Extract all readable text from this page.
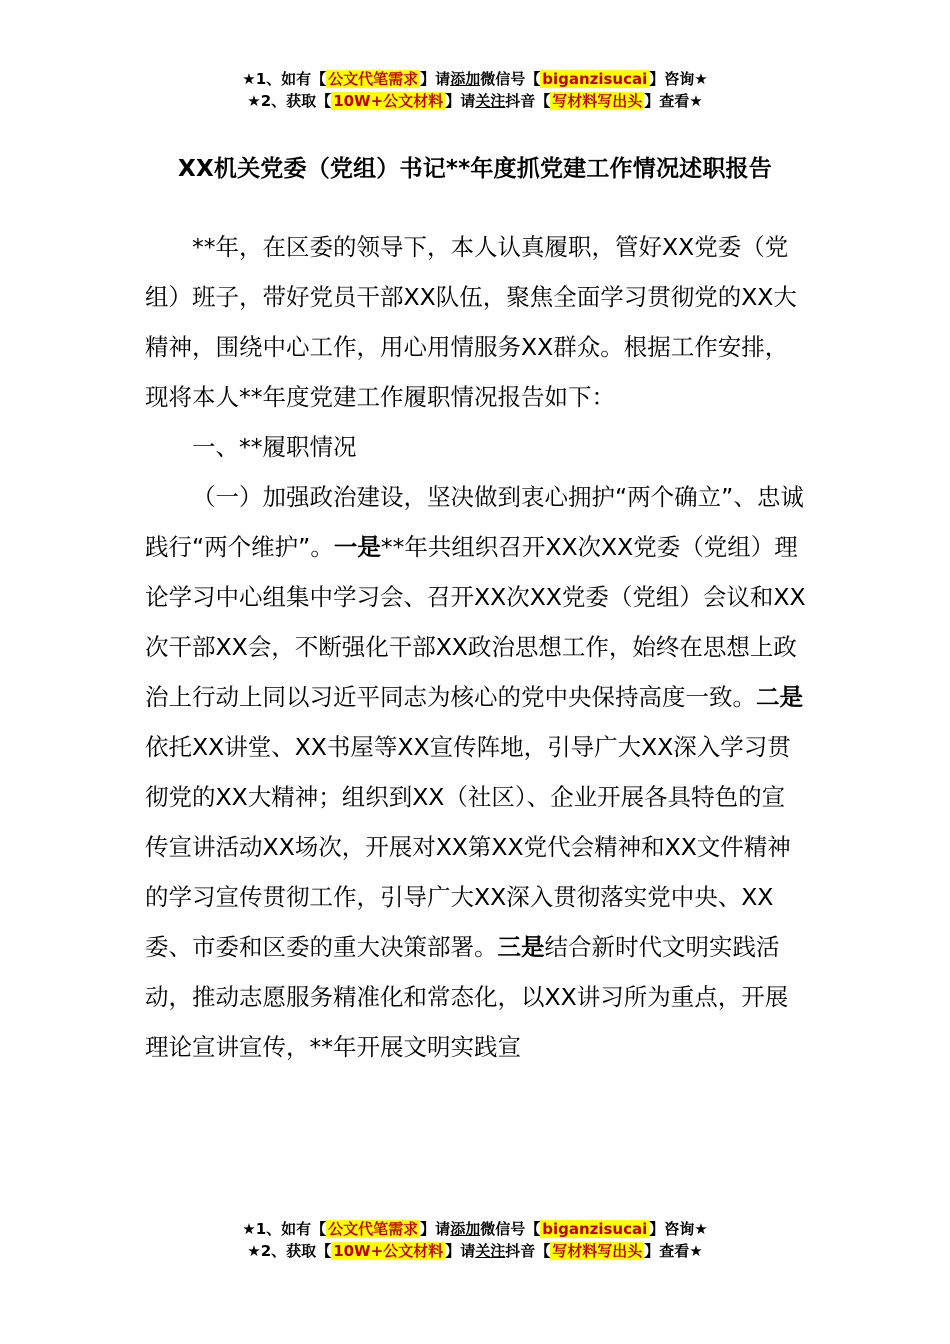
★1、如有【 公文代笔需求 】请添加微信号【 biganzisucai 】咨询★
★2、获取【 10W+公文材料 】请关注抖音【 写材料写出头 】查看★
XX机关党委（党组）书记**年度抓党建工作情况述职报告

**年，在区委的领导下，本人认真履职，管好XX党委（党组）班子，带好党员干部XX队伍，聚焦全面学习贯彻党的XX大精神，围绕中心工作，用心用情服务XX群众。根据工作安排，现将本人**年度党建工作履职情况报告如下：

一、**履职情况

（一）加强政治建设，坚决做到衷心拥护“两个确立”、忠诚践行“两个维护”。一是**年共组织召开XX次XX党委（党组）理论学习中心组集中学习会、召开XX次XX党委（党组）会议和XX次干部XX会，不断强化干部XX政治思想工作，始终在思想上政治上行动上同以习近平同志为核心的党中央保持高度一致。二是依托XX讲堂、XX书屋等XX宣传阵地，引导广大XX深入学习贯彻党的XX大精神；组织到XX（社区）、企业开展各具特色的宣传宣讲活动XX场次，开展对XX第XX党代会精神和XX文件精神的学习宣传贯彻工作，引导广大XX深入贯彻落实党中央、XX委、市委和区委的重大决策部署。三是结合新时代文明实践活动，推动志愿服务精准化和常态化，以XX讲习所为重点，开展理论宣讲宣传，**年开展文明实践宣

★1、如有【 公文代笔需求 】请添加微信号【 biganzisucai 】咨询★
★2、获取【 10W+公文材料 】请关注抖音【 写材料写出头 】查看★
